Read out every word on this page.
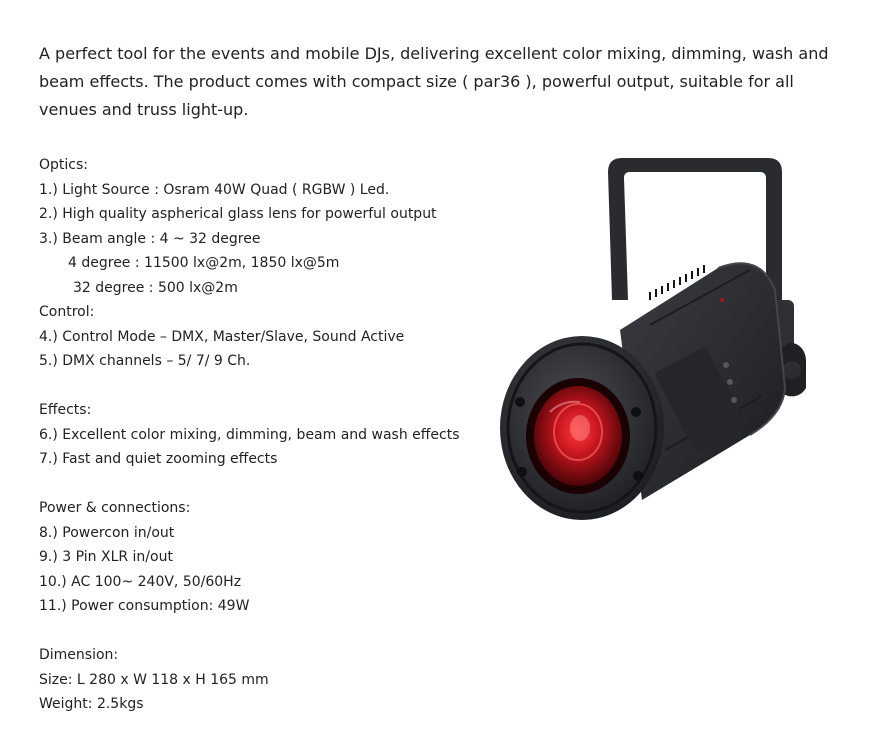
A perfect tool for the events and mobile DJs, delivering excellent color mixing, dimming, wash and beam effects. The product comes with compact size ( par36 ), powerful output, suitable for all venues and truss light-up.

Optics:

1.) Light Source : Osram 40W Quad ( RGBW ) Led.

2.) High quality aspherical glass lens for powerful output

3.) Beam angle : 4 ~ 32 degree

4 degree : 11500 lx@2m, 1850 lx@5m

32 degree : 500 lx@2m

Control:

4.) Control Mode – DMX, Master/Slave, Sound Active

5.) DMX channels – 5/ 7/ 9 Ch.

Effects:

6.) Excellent color mixing, dimming, beam and wash effects

7.) Fast and quiet zooming effects

Power & connections:

8.) Powercon in/out

9.) 3 Pin XLR in/out

10.) AC 100~ 240V, 50/60Hz

11.) Power consumption: 49W

Dimension:

Size: L 280 x W 118 x H 165 mm

Weight: 2.5kgs
